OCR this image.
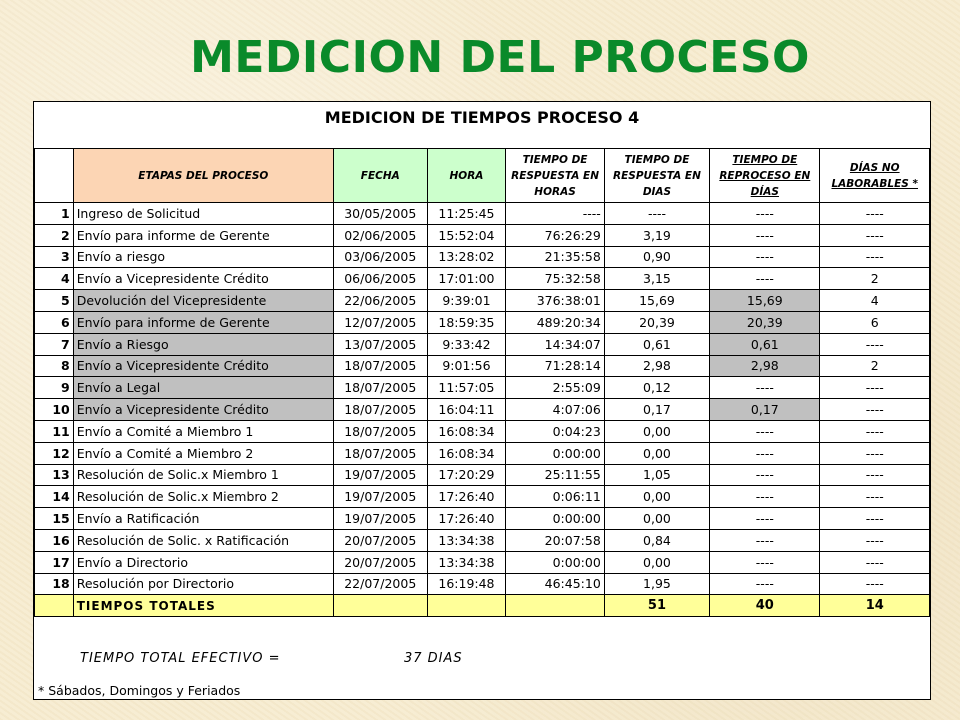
MEDICION DEL PROCESO
MEDICION DE TIEMPOS PROCESO 4
	ETAPAS DEL PROCESO	FECHA	HORA	TIEMPO DE RESPUESTA EN HORAS	TIEMPO DE RESPUESTA EN DIAS	TIEMPO DE REPROCESO EN DÍAS	DÍAS NO LABORABLES *
1	Ingreso de Solicitud	30/05/2005	11:25:45	----	----	----	----
2	Envío para informe de Gerente	02/06/2005	15:52:04	76:26:29	3,19	----	----
3	Envío a riesgo	03/06/2005	13:28:02	21:35:58	0,90	----	----
4	Envío a Vicepresidente Crédito	06/06/2005	17:01:00	75:32:58	3,15	----	2
5	Devolución del Vicepresidente	22/06/2005	9:39:01	376:38:01	15,69	15,69	4
6	Envío para informe de Gerente	12/07/2005	18:59:35	489:20:34	20,39	20,39	6
7	Envío a Riesgo	13/07/2005	9:33:42	14:34:07	0,61	0,61	----
8	Envío a Vicepresidente Crédito	18/07/2005	9:01:56	71:28:14	2,98	2,98	2
9	Envío a Legal	18/07/2005	11:57:05	2:55:09	0,12	----	----
10	Envío a Vicepresidente Crédito	18/07/2005	16:04:11	4:07:06	0,17	0,17	----
11	Envío a Comité a Miembro 1	18/07/2005	16:08:34	0:04:23	0,00	----	----
12	Envío a Comité a Miembro 2	18/07/2005	16:08:34	0:00:00	0,00	----	----
13	Resolución de Solic.x Miembro 1	19/07/2005	17:20:29	25:11:55	1,05	----	----
14	Resolución de Solic.x Miembro 2	19/07/2005	17:26:40	0:06:11	0,00	----	----
15	Envío a Ratificación	19/07/2005	17:26:40	0:00:00	0,00	----	----
16	Resolución de Solic. x Ratificación	20/07/2005	13:34:38	20:07:58	0,84	----	----
17	Envío a Directorio	20/07/2005	13:34:38	0:00:00	0,00	----	----
18	Resolución por Directorio	22/07/2005	16:19:48	46:45:10	1,95	----	----
	TIEMPOS TOTALES				51	40	14
TIEMPO TOTAL EFECTIVO =	37 DIAS
* Sábados, Domingos y Feriados
